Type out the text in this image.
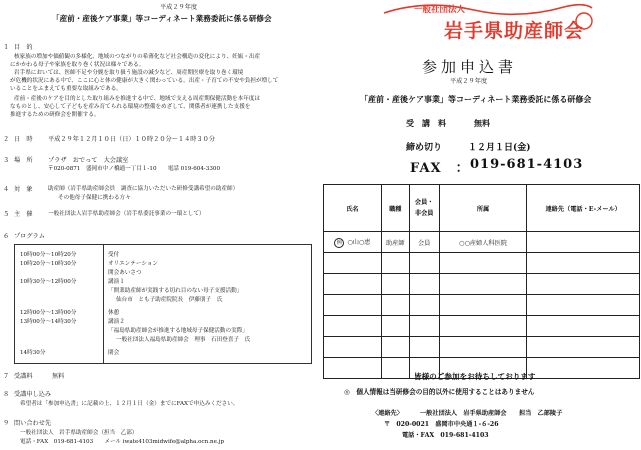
平成２９年度
「産前・産後ケア事業」等コーディネート業務委託に係る研修会
１ 目　的
核家族の増加や価値観の多様化、地域のつながりの希薄化など社会構造の変化により、妊娠・出産
にかかわる母子や家族を取り巻く状況は様々である。
岩手県においては、医師不足や分娩を取り扱う施設の減少など、周産期医療を取り巻く環境
が危機的状況にある中で、ここに心と体の健康が大きく関わっている。出産・子育ての不安や負担が増して
いることをふまえても重要な取組みである。
産前・産後のケアを目的とした取り組みを推進する中で、地域で支える周産期保健活動を本年度は
なものとし、安心して子どもを産み育てられる環境の整備をめざして、関係者が連携した支援を
推進するための研修会を開催する。
２ 日　時 平成２９年１２月１０日（日）１０時２０分～１４時３０分
３ 場　所 プラザ　おでって　大会議室
〒020-0871　盛岡市中ノ橋通一丁目１-10　　電話 019-604-3300
４ 対　象	助産師（岩手県助産師会員　調査に協力いただいた研修受講希望の助産師）
その他母子保健に携わる方々
５ 主　催	一般社団法人岩手県助産師会（岩手県委託事業の一環として）
６ プログラム
10時00分～10時20分	受付
10時20分～10時30分	オリエンテーション
開会あいさつ
10時30分～12時00分	講演１
「開業助産師が実践する切れ目のない母子支援活動」
仙台市　とも子助産院院長　伊藤朋子　氏
12時00分～13時00分	休憩
13時00分～14時30分	講演２
「福島県助産師会が推進する地域母子保健活動の実際」
一般社団法人福島県助産師会　理事　石田登喜子　氏
14時30分	閉会
７ 受講料	無料
８ 受講申し込み
希望者は「参加申込書」に記載の上、１２月１日（金）までにFAXで申込みください。
９ 問い合わせ先
一般社団法人　岩手県助産師会（担当　乙部）
電話・FAX　019-681-4103　　メール iwate4103midwife@alpha.ocn.ne.jp
一般社団法人
岩手県助産師会
参加申込書
平成２９年度
「産前・産後ケア事業」等コーディネート業務委託に係る研修会
受　講　料	無料
締め切り	１２月１日(金)
FAX　： 019-681-4103
氏名	職種	会員・非会員	所属	連絡先（電話・E-メール）
例 ○山○恵	助産師	会員	○○産婦人科医院	

皆様のご参加をお待ちしております
◎　個人情報は当研修会の目的以外に使用することはありません
〈連絡先〉	一般社団法人　岩手県助産師会　　担当　乙部陵子
〒　020-0021　盛岡市中央通１-６-26
電話・FAX　019-681-4103
